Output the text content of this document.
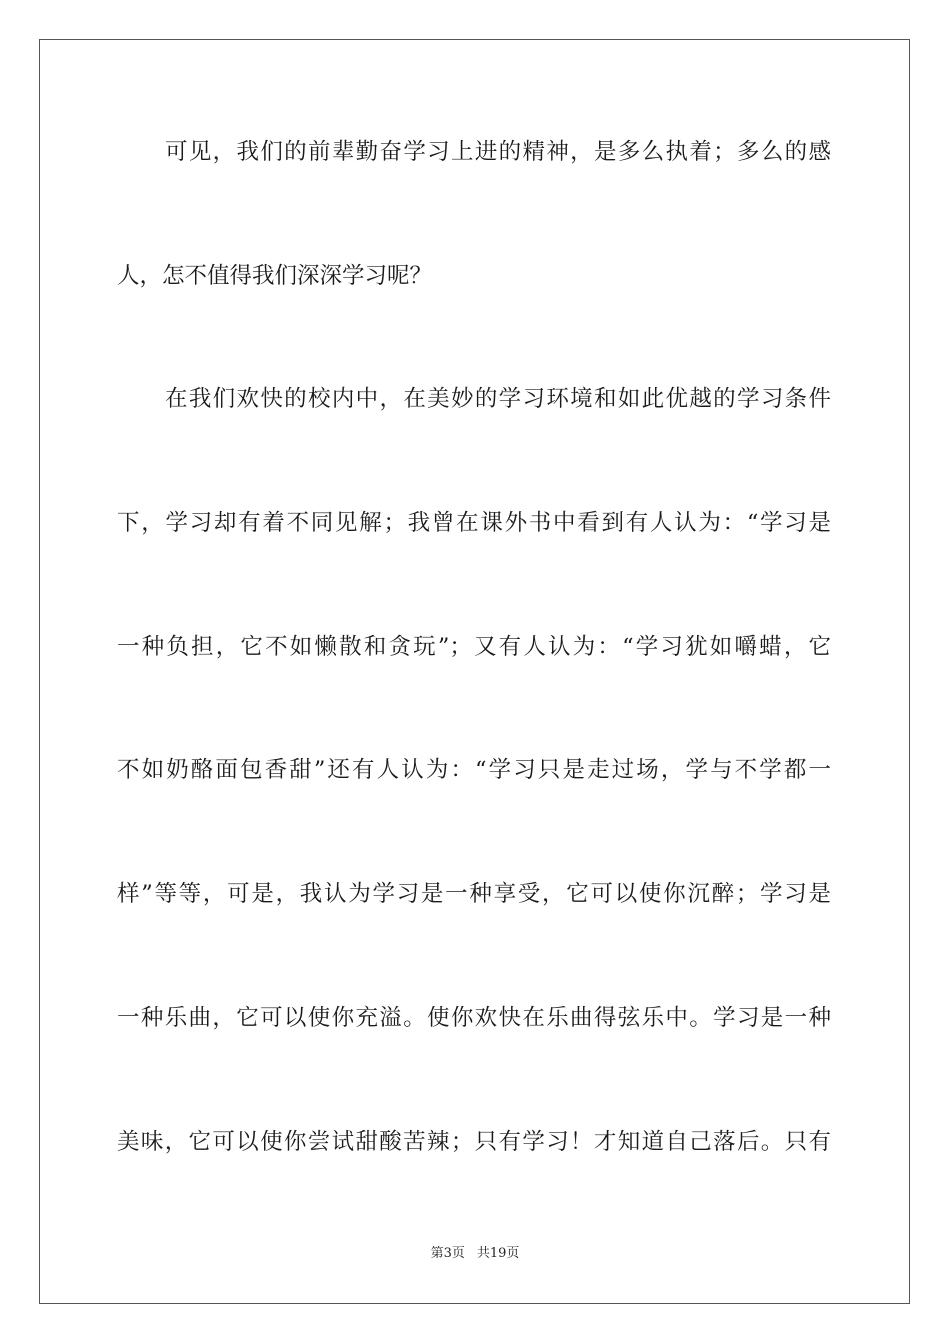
可见，我们的前辈勤奋学习上进的精神，是多么执着；多么的感
人，怎不值得我们深深学习呢？
在我们欢快的校内中，在美妙的学习环境和如此优越的学习条件
下，学习却有着不同见解；我曾在课外书中看到有人认为：“学习是
一种负担，它不如懒散和贪玩”；又有人认为：“学习犹如嚼蜡，它
不如奶酪面包香甜”还有人认为：“学习只是走过场，学与不学都一
样”等等，可是，我认为学习是一种享受，它可以使你沉醉；学习是
一种乐曲，它可以使你充溢。使你欢快在乐曲得弦乐中。学习是一种
美味，它可以使你尝试甜酸苦辣；只有学习！才知道自己落后。只有
第3页 共19页
